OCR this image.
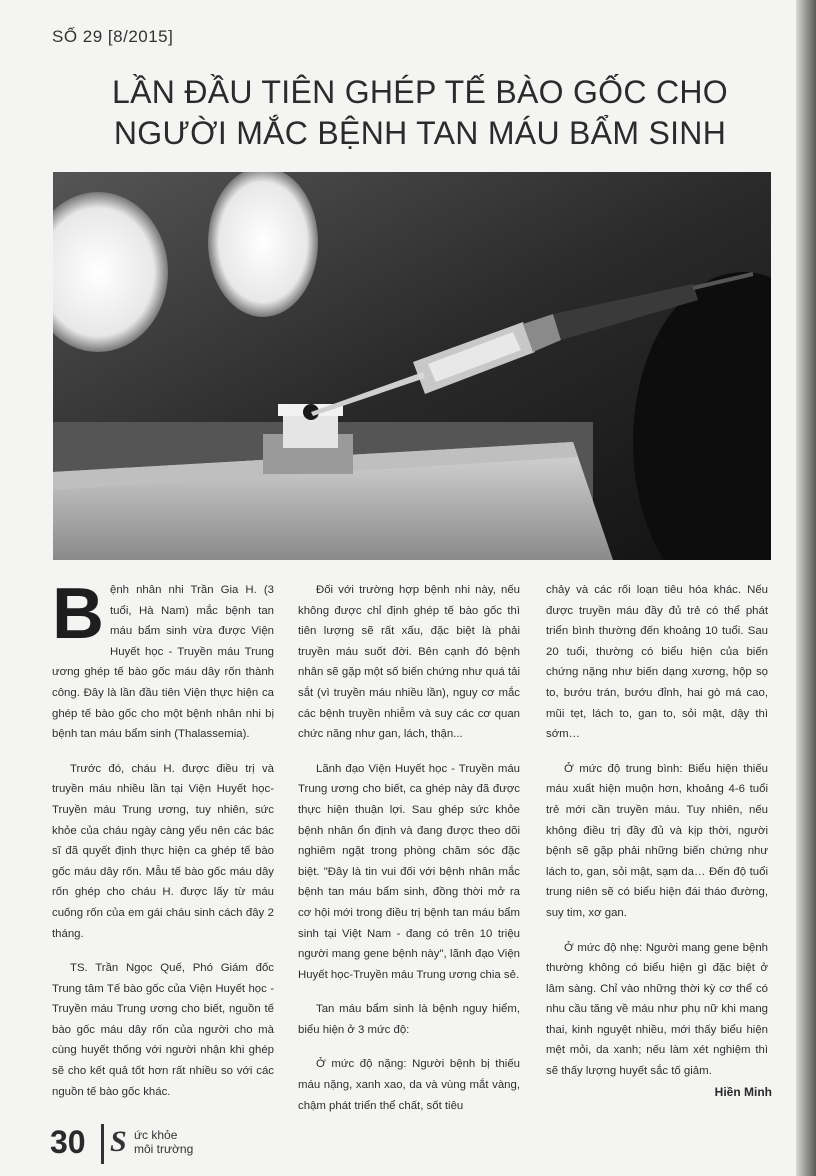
SỐ 29 [8/2015]

LẦN ĐẦU TIÊN GHÉP TẾ BÀO GỐC CHO
NGƯỜI MẮC BỆNH TAN MÁU BẨM SINH

Bệnh nhân nhi Trần Gia H. (3 tuổi, Hà Nam) mắc bệnh tan máu bẩm sinh vừa được Viện Huyết học - Truyền máu Trung ương ghép tế bào gốc máu dây rốn thành công. Đây là lần đầu tiên Viện thực hiện ca ghép tế bào gốc cho một bệnh nhân nhi bị bệnh tan máu bẩm sinh (Thalassemia).

Trước đó, cháu H. được điều trị và truyền máu nhiều lần tại Viện Huyết học-Truyền máu Trung ương, tuy nhiên, sức khỏe của cháu ngày càng yếu nên các bác sĩ đã quyết định thực hiện ca ghép tế bào gốc máu dây rốn. Mẫu tế bào gốc máu dây rốn ghép cho cháu H. được lấy từ máu cuống rốn của em gái cháu sinh cách đây 2 tháng.

TS. Trần Ngọc Quế, Phó Giám đốc Trung tâm Tế bào gốc của Viện Huyết học - Truyền máu Trung ương cho biết, nguồn tế bào gốc máu dây rốn của người cho mà cùng huyết thống với người nhận khi ghép sẽ cho kết quả tốt hơn rất nhiều so với các nguồn tế bào gốc khác.

Đối với trường hợp bệnh nhi này, nếu không được chỉ định ghép tế bào gốc thì tiên lượng sẽ rất xấu, đặc biệt là phải truyền máu suốt đời. Bên cạnh đó bệnh nhân sẽ gặp một số biến chứng như quá tải sắt (vì truyền máu nhiều lần), nguy cơ mắc các bệnh truyền nhiễm và suy các cơ quan chức năng như gan, lách, thận...

Lãnh đạo Viện Huyết học - Truyền máu Trung ương cho biết, ca ghép này đã được thực hiện thuận lợi. Sau ghép sức khỏe bệnh nhân ổn định và đang được theo dõi nghiêm ngặt trong phòng chăm sóc đặc biệt. "Đây là tin vui đối với bệnh nhân mắc bệnh tan máu bẩm sinh, đồng thời mở ra cơ hội mới trong điều trị bệnh tan máu bẩm sinh tại Việt Nam - đang có trên 10 triệu người mang gene bệnh này", lãnh đạo Viện Huyết học-Truyền máu Trung ương chia sẻ.

Tan máu bẩm sinh là bệnh nguy hiểm, biểu hiện ở 3 mức độ:

Ở mức độ nặng: Người bệnh bị thiếu máu nặng, xanh xao, da và vùng mắt vàng, chậm phát triển thể chất, sốt tiêu

chảy và các rối loạn tiêu hóa khác. Nếu được truyền máu đầy đủ trẻ có thể phát triển bình thường đến khoảng 10 tuổi. Sau 20 tuổi, thường có biểu hiện của biến chứng nặng như biến dạng xương, hộp sọ to, bướu trán, bướu đỉnh, hai gò má cao, mũi tẹt, lách to, gan to, sỏi mật, dậy thì sớm…

Ở mức độ trung bình: Biểu hiện thiếu máu xuất hiện muộn hơn, khoảng 4-6 tuổi trẻ mới cần truyền máu. Tuy nhiên, nếu không điều trị đầy đủ và kịp thời, người bệnh sẽ gặp phải những biến chứng như lách to, gan, sỏi mật, sạm da… Đến độ tuổi trung niên sẽ có biểu hiện đái tháo đường, suy tim, xơ gan.

Ở mức độ nhẹ: Người mang gene bệnh thường không có biểu hiện gì đặc biệt ở lâm sàng. Chỉ vào những thời kỳ cơ thể có nhu cầu tăng về máu như phụ nữ khi mang thai, kinh nguyệt nhiều, mới thấy biểu hiện mệt mỏi, da xanh; nếu làm xét nghiệm thì sẽ thấy lượng huyết sắc tố giảm.

Hiền Minh

30 S ức khỏe
môi trường
